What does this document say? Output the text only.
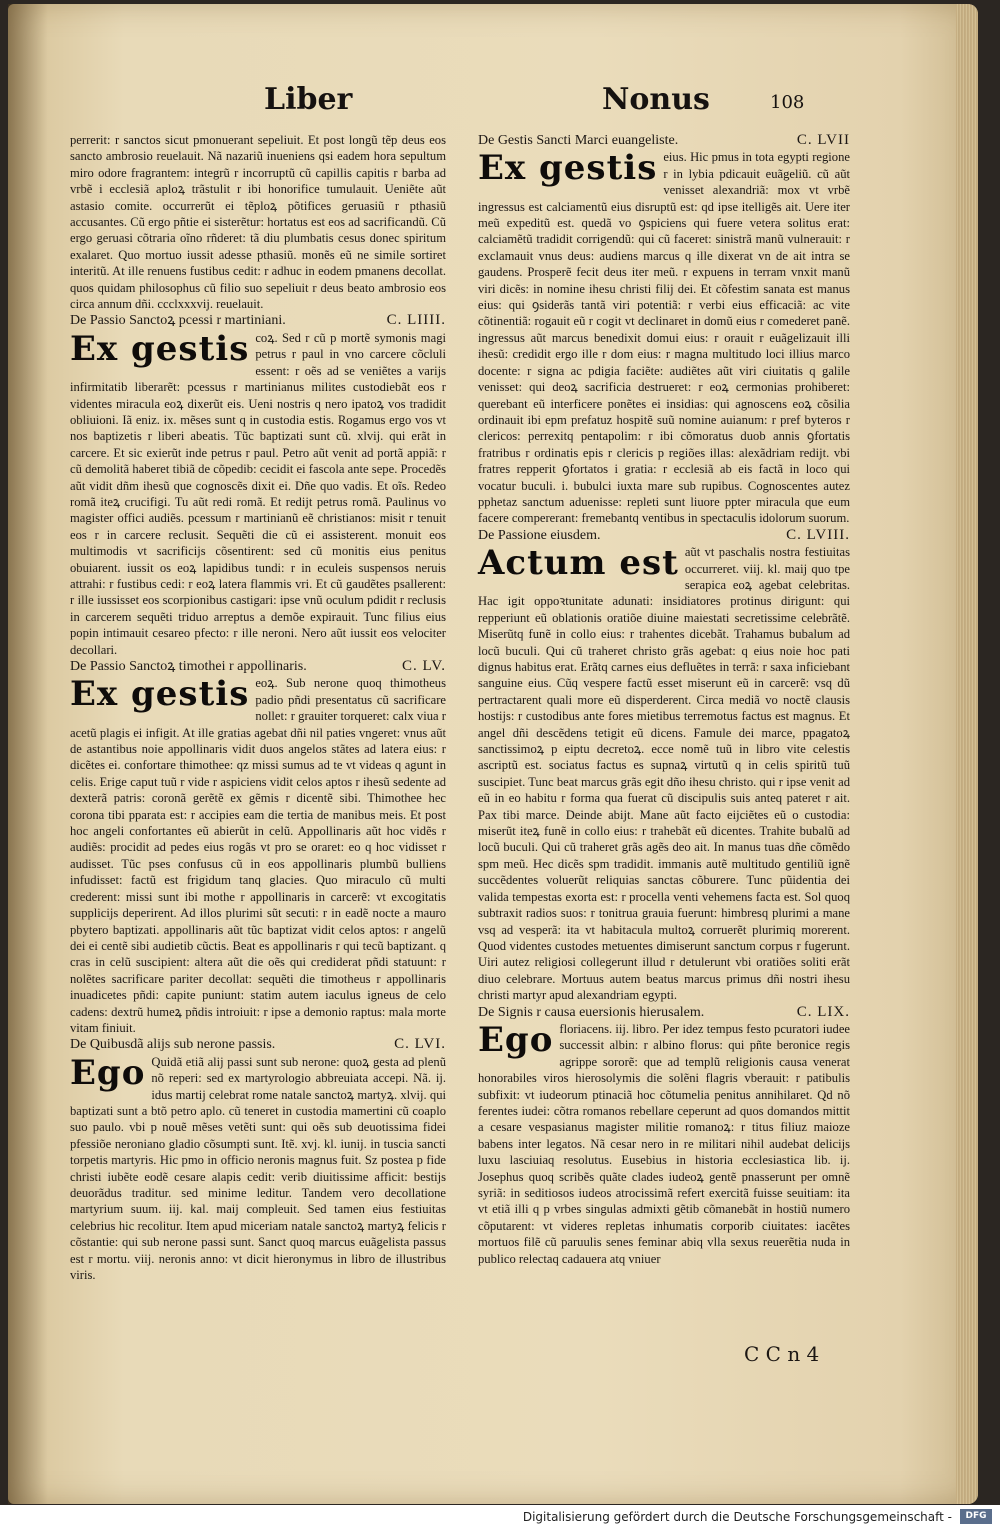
Liber	Nonus	108

perrerit: r sanctos sicut pmonuerant sepeliuit. Et post longũ tẽp deus eos sancto ambrosio reuelauit. Nã nazariũ inueniens qsi eadem hora sepultum miro odore fragrantem: integrũ r incorruptũ cũ capillis capitis r barba ad vrbẽ i ecclesiã aploꝝ trãstulit r ibi honorifice tumulauit. Ueniẽte aũt astasio comite. occurrerũt ei tẽploꝝ põtifices geruasiũ r pthasiũ accusantes. Cũ ergo pñtie ei sisterẽtur: hortatus est eos ad sacrificandũ. Cũ ergo geruasi cõtraria oĩno rñderet: tã diu plumbatis cesus donec spiritum exalaret. Quo mortuo iussit adesse pthasiũ. monẽs eũ ne simile sortiret interitũ. At ille renuens fustibus cedit: r adhuc in eodem pmanens decollat. quos quidam philosophus cũ filio suo sepeliuit r deus beato ambrosio eos circa annum dñi. ccclxxxvij. reuelauit.

De Passio Sanctoꝝ pcessi r martiniani.	C. LIIII.

Ex gestis coꝝ. Sed r cũ p mortẽ symonis magi petrus r paul in vno carcere cõcluli essent: r oẽs ad se veniẽtes a varijs infirmitatib liberarẽt: pcessus r martinianus milites custodiebãt eos r videntes miracula eoꝝ dixerũt eis. Ueni nostris q nero ipatoꝝ vos tradidit obliuioni. Iã eniz. ix. mẽses sunt q in custodia estis. Rogamus ergo vos vt nos baptizetis r liberi abeatis. Tũc baptizati sunt cũ. xlvij. qui erãt in carcere. Et sic exierũt inde petrus r paul. Petro aũt venit ad portã appiã: r cũ demolitã haberet tibiã de cõpedib: cecidit ei fascola ante sepe. Procedẽs aũt vidit dñm ihesũ que cognoscẽs dixit ei. Dñe quo vadis. Et oĩs. Redeo romã iteꝝ crucifigi. Tu aũt redi romã. Et redijt petrus romã. Paulinus vo magister offici audiẽs. pcessum r martinianũ eẽ christianos: misit r tenuit eos r in carcere reclusit. Sequẽti die cũ ei assisterent. monuit eos multimodis vt sacrificijs cõsentirent: sed cũ monitis eius penitus obuiarent. iussit os eoꝝ lapidibus tundi: r in eculeis suspensos neruis attrahi: r fustibus cedi: r eoꝝ latera flammis vri. Et cũ gaudẽtes psallerent: r ille iussisset eos scorpionibus castigari: ipse vnũ oculum pdidit r reclusis in carcerem sequẽti triduo arreptus a demõe expirauit. Tunc filius eius popin intimauit cesareo pfecto: r ille neroni. Nero aũt iussit eos velociter decollari.

De Passio Sanctoꝝ timothei r appollinaris.	C. LV.

Ex gestis eoꝝ. Sub nerone quoq thimotheus padio pñdi presentatus cũ sacrificare nollet: r grauiter torqueret: calx viua r acetũ plagis ei infigit. At ille gratias agebat dñi nil paties vngeret: vnus aũt de astantibus noie appollinaris vidit duos angelos stãtes ad latera eius: r dicẽtes ei. confortare thimothee: qz missi sumus ad te vt videas q agunt in celis. Erige caput tuũ r vide r aspiciens vidit celos aptos r ihesũ sedente ad dexterã patris: coronã gerẽtẽ ex gẽmis r dicentẽ sibi. Thimothee hec corona tibi pparata est: r accipies eam die tertia de manibus meis. Et post hoc angeli confortantes eũ abierũt in celũ. Appollinaris aũt hoc vidẽs r audiẽs: procidit ad pedes eius rogãs vt pro se oraret: eo q hoc vidisset r audisset. Tũc pses confusus cũ in eos appollinaris plumbũ bulliens infudisset: factũ est frigidum tanq glacies. Quo miraculo cũ multi crederent: missi sunt ibi mothe r appollinaris in carcerẽ: vt excogitatis supplicijs deperirent. Ad illos plurimi sũt secuti: r in eadẽ nocte a mauro pbytero baptizati. appollinaris aũt tũc baptizat vidit celos aptos: r angelũ dei ei centẽ sibi audietib cũctis. Beat es appollinaris r qui tecũ baptizant. q cras in celũ suscipient: altera aũt die oẽs qui crediderat pñdi statuunt: r nolẽtes sacrificare pariter decollat: sequẽti die timotheus r appollinaris inuadicetes pñdi: capite puniunt: statim autem iaculus igneus de celo cadens: dextrũ humeꝝ pñdis introiuit: r ipse a demonio raptus: mala morte vitam finiuit.

De Quibusdã alijs sub nerone passis.	C. LVI.

Ego Quidã etiã alij passi sunt sub nerone: quoꝝ gesta ad plenũ nõ reperi: sed ex martyrologio abbreuiata accepi. Nã. ij. idus martij celebrat rome natale sanctoꝝ martyꝝ. xlvij. qui baptizati sunt a btõ petro aplo. cũ teneret in custodia mamertini cũ coaplo suo paulo. vbi p nouẽ mẽses vetẽti sunt: qui oẽs sub deuotissima fidei pfessiõe neroniano gladio cõsumpti sunt. Itẽ. xvj. kl. iunij. in tuscia sancti torpetis martyris. Hic pmo in officio neronis magnus fuit. Sz postea p fide christi iubẽte eodẽ cesare alapis cedit: verib diuitissime afficit: bestijs deuorãdus traditur. sed minime leditur. Tandem vero decollatione martyrium suum. iij. kal. maij compleuit. Sed tamen eius festiuitas celebrius hic recolitur. Item apud miceriam natale sanctoꝝ martyꝝ felicis r cõstantie: qui sub nerone passi sunt. Sanct quoq marcus euãgelista passus est r mortu. viij. neronis anno: vt dicit hieronymus in libro de illustribus viris.

De Gestis Sancti Marci euangeliste.	C. LVII

Ex gestis eius. Hic pmus in tota egypti regione r in lybia pdicauit euãgeliũ. cũ aũt venisset alexandriã: mox vt vrbẽ ingressus est calciamentũ eius disruptũ est: qd ipse itelligẽs ait. Uere iter meũ expeditũ est. quedã vo ꝯspiciens qui fuere vetera solitus erat: calciamẽtũ tradidit corrigendũ: qui cũ faceret: sinistrã manũ vulnerauit: r exclamauit vnus deus: audiens marcus q ille dixerat vn de ait intra se gaudens. Prosperẽ fecit deus iter meũ. r expuens in terram vnxit manũ viri dicẽs: in nomine ihesu christi filij dei. Et cõfestim sanata est manus eius: qui ꝯsiderãs tantã viri potentiã: r verbi eius efficaciã: ac vite cõtinentiã: rogauit eũ r cogit vt declinaret in domũ eius r comederet panẽ. ingressus aũt marcus benedixit domui eius: r orauit r euãgelizauit illi ihesũ: credidit ergo ille r dom eius: r magna multitudo loci illius marco docente: r signa ac pdigia faciẽte: audiẽtes aũt viri ciuitatis q galile venisset: qui deoꝝ sacrificia destrueret: r eoꝝ cermonias prohiberet: querebant eũ interficere ponẽtes ei insidias: qui agnoscens eoꝝ cõsilia ordinauit ibi epm prefatuz hospitẽ suũ nomine auianum: r pref byteros r clericos: perrexitq pentapolim: r ibi cõmoratus duob annis ꝯfortatis fratribus r ordinatis epis r clericis p regiões illas: alexãdriam redijt. vbi fratres repperit ꝯfortatos i gratia: r ecclesiã ab eis factã in loco qui vocatur buculi. i. bubulci iuxta mare sub rupibus. Cognoscentes autez pphetaz sanctum aduenisse: repleti sunt liuore ppter miracula que eum facere compererant: fremebantq ventibus in spectaculis idolorum suorum.

De Passione eiusdem.	C. LVIII.

Actum est aũt vt paschalis nostra festiuitas occurreret. viij. kl. maij quo tpe serapica eoꝝ agebat celebritas. Hac igit oppoꝛtunitate adunati: insidiatores protinus dirigunt: qui repperiunt eũ oblationis oratiõe diuine maiestati secretissime celebrãtẽ. Miserũtq funẽ in collo eius: r trahentes dicebãt. Trahamus bubalum ad locũ buculi. Qui cũ traheret christo grãs agebat: q eius noie hoc pati dignus habitus erat. Erãtq carnes eius defluẽtes in terrã: r saxa inficiebant sanguine eius. Cũq vespere factũ esset miserunt eũ in carcerẽ: vsq dũ pertractarent quali more eũ disperderent. Circa mediã vo noctẽ clausis hostijs: r custodibus ante fores mietibus terremotus factus est magnus. Et angel dñi descẽdens tetigit eũ dicens. Famule dei marce, ppagatoꝝ sanctissimoꝝ p eiptu decretoꝝ. ecce nomẽ tuũ in libro vite celestis ascriptũ est. sociatus factus es supnaꝝ virtutũ q in celis spiritũ tuũ suscipiet. Tunc beat marcus grãs egit dño ihesu christo. qui r ipse venit ad eũ in eo habitu r forma qua fuerat cũ discipulis suis anteq pateret r ait. Pax tibi marce. Deinde abijt. Mane aũt facto eijciẽtes eũ o custodia: miserũt iteꝝ funẽ in collo eius: r trahebãt eũ dicentes. Trahite bubalũ ad locũ buculi. Qui cũ traheret grãs agẽs deo ait. In manus tuas dñe cõmẽdo spm meũ. Hec dicẽs spm tradidit. immanis autẽ multitudo gentiliũ ignẽ succẽdentes voluerũt reliquias sanctas cõburere. Tunc pũidentia dei valida tempestas exorta est: r procella venti vehemens facta est. Sol quoq subtraxit radios suos: r tonitrua grauia fuerunt: himbresq plurimi a mane vsq ad vesperã: ita vt habitacula multoꝝ corruerẽt plurimiq morerent. Quod videntes custodes metuentes dimiserunt sanctum corpus r fugerunt. Uiri autez religiosi collegerunt illud r detulerunt vbi oratiões soliti erãt diuo celebrare. Mortuus autem beatus marcus primus dñi nostri ihesu christi martyr apud alexandriam egypti.

De Signis r causa euersionis hierusalem.	C. LIX.

Ego floriacens. iij. libro. Per idez tempus festo pcuratori iudee successit albin: r albino florus: qui pñte beronice regis agrippe sororẽ: que ad templũ religionis causa venerat honorabiles viros hierosolymis die solẽni flagris vberauit: r patibulis subfixit: vt iudeorum ptinaciã hoc cõtumelia penitus annihilaret. Qd nõ ferentes iudei: cõtra romanos rebellare ceperunt ad quos domandos mittit a cesare vespasianus magister militie romanoꝝ: r titus filiuz maioze babens inter legatos. Nã cesar nero in re militari nihil audebat delicijs luxu lasciuiaq resolutus. Eusebius in historia ecclesiastica lib. ij. Josephus quoq scribẽs quãte clades iudeoꝝ gentẽ pnasserunt per omnẽ syriã: in seditiosos iudeos atrocissimã refert exercitã fuisse seuitiam: ita vt etiã illi q p vrbes singulas admixti gẽtib cõmanebãt in hostiũ numero cõputarent: vt videres repletas inhumatis corporib ciuitates: iacẽtes mortuos filẽ cũ paruulis senes feminar abiq vlla sexus reuerẽtia nuda in publico relectaq cadauera atq vniuer

C C n 4
Digitalisierung gefördert durch die Deutsche Forschungsgemeinschaft -	DFG
